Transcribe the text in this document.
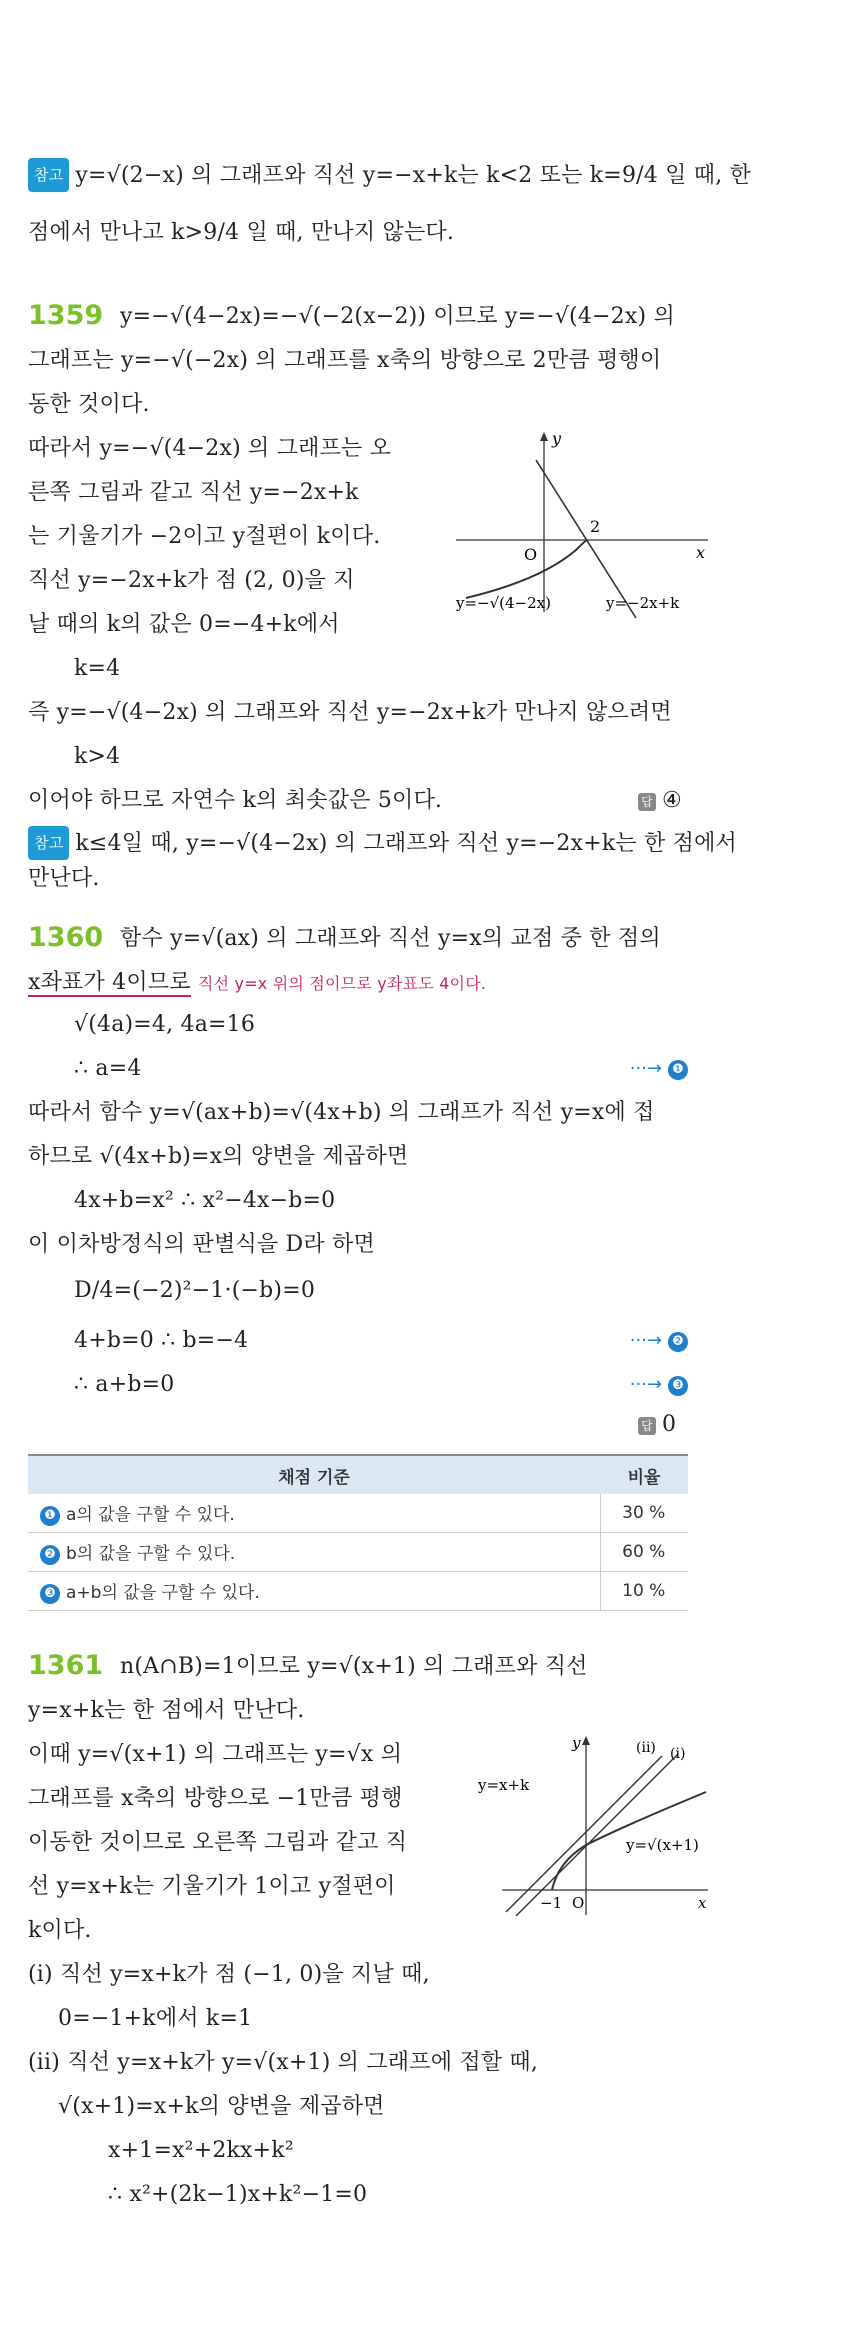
참고 y=√(2−x) 의 그래프와 직선 y=−x+k는 k<2 또는 k=9/4 일 때, 한
점에서 만나고 k>9/4 일 때, 만나지 않는다.
1359 y=−√(4−2x)=−√(−2(x−2)) 이므로 y=−√(4−2x) 의
그래프는 y=−√(−2x) 의 그래프를 x축의 방향으로 2만큼 평행이
동한 것이다.
따라서 y=−√(4−2x) 의 그래프는 오
른쪽 그림과 같고 직선 y=−2x+k
는 기울기가 −2이고 y절편이 k이다.
직선 y=−2x+k가 점 (2, 0)을 지
날 때의 k의 값은 0=−4+k에서
k=4
즉 y=−√(4−2x) 의 그래프와 직선 y=−2x+k가 만나지 않으려면
k>4
이어야 하므로 자연수 k의 최솟값은 5이다.	답 ④
y
x
O
2
y=−√(4−2x)	y=−2x+k
참고 k≤4일 때, y=−√(4−2x) 의 그래프와 직선 y=−2x+k는 한 점에서
만난다.
1360 함수 y=√(ax) 의 그래프와 직선 y=x의 교점 중 한 점의
x좌표가 4이므로 직선 y=x 위의 점이므로 y좌표도 4이다.
√(4a)=4, 4a=16
∴ a=4	···→ ❶
따라서 함수 y=√(ax+b)=√(4x+b) 의 그래프가 직선 y=x에 접
하므로 √(4x+b)=x의 양변을 제곱하면
4x+b=x² ∴ x²−4x−b=0
이 이차방정식의 판별식을 D라 하면
D/4=(−2)²−1·(−b)=0
4+b=0 ∴ b=−4	···→ ❷
∴ a+b=0	···→ ❸
답 0
채점 기준	비율
❶ a의 값을 구할 수 있다.	30 %
❷ b의 값을 구할 수 있다.	60 %
❸ a+b의 값을 구할 수 있다.	10 %
1361 n(A∩B)=1이므로 y=√(x+1) 의 그래프와 직선
y=x+k는 한 점에서 만난다.
이때 y=√(x+1) 의 그래프는 y=√x 의
그래프를 x축의 방향으로 −1만큼 평행
이동한 것이므로 오른쪽 그림과 같고 직
선 y=x+k는 기울기가 1이고 y절편이
k이다.
(i) 직선 y=x+k가 점 (−1, 0)을 지날 때,
0=−1+k에서 k=1
(ii) 직선 y=x+k가 y=√(x+1) 의 그래프에 접할 때,
√(x+1)=x+k의 양변을 제곱하면
x+1=x²+2kx+k²
∴ x²+(2k−1)x+k²−1=0
y
x
O
−1
(ii) (i)
y=x+k
y=√(x+1)
